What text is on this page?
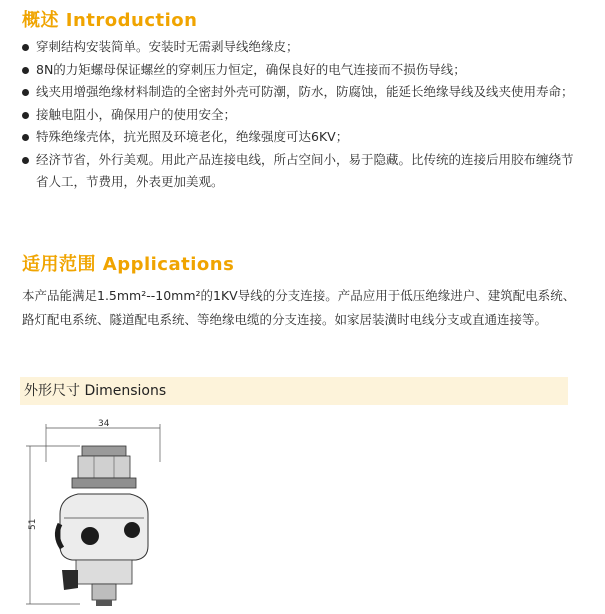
概述 Introduction
穿刺结构安装简单。安装时无需剥导线绝缘皮；
8N的力矩螺母保证螺丝的穿刺压力恒定，确保良好的电气连接而不损伤导线；
线夹用增强绝缘材料制造的全密封外壳可防潮，防水，防腐蚀，能延长绝缘导线及线夹使用寿命；
接触电阻小，确保用户的使用安全；
特殊绝缘壳体，抗光照及环境老化，绝缘强度可达6KV；
经济节省，外行美观。用此产品连接电线，所占空间小，易于隐藏。比传统的连接后用胶布缠绕节省人工，节费用，外表更加美观。
适用范围 Applications

本产品能满足1.5mm²--10mm²的1KV导线的分支连接。产品应用于低压绝缘进户、建筑配电系统、路灯配电系统、隧道配电系统、等绝缘电缆的分支连接。如家居装潢时电线分支或直通连接等。

外形尺寸 Dimensions
34
51
